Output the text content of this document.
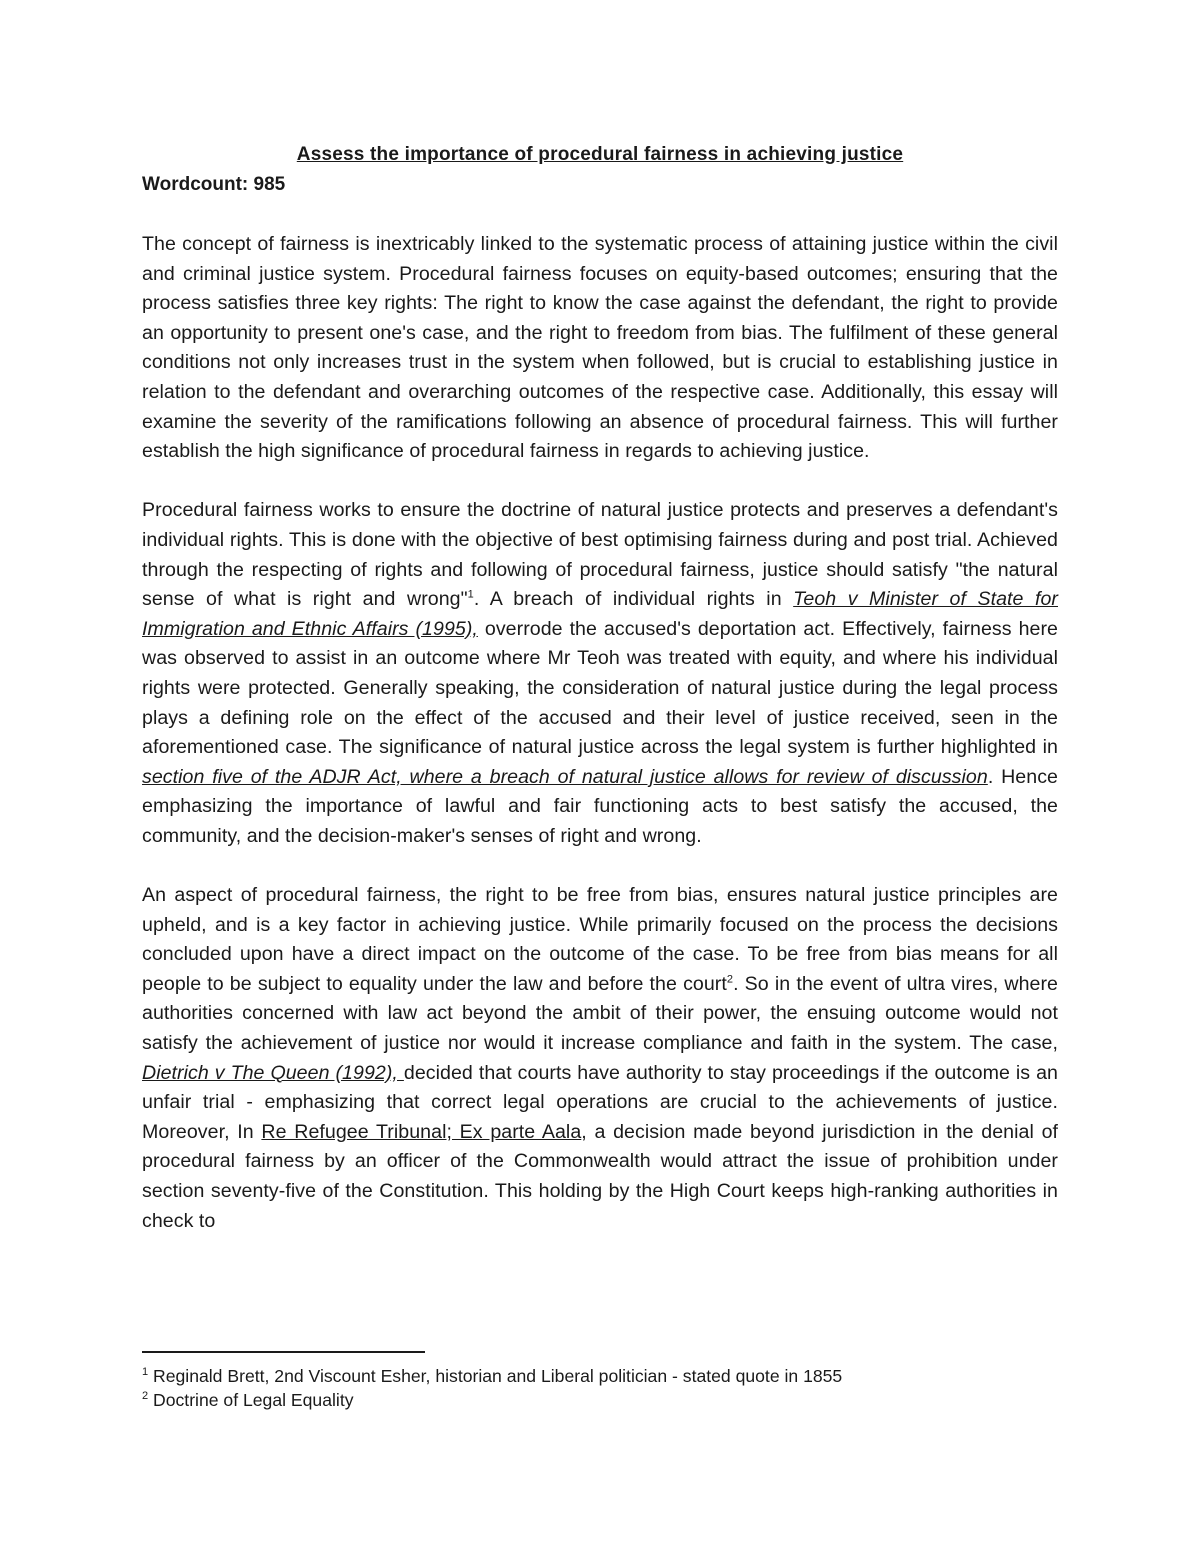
Assess the importance of procedural fairness in achieving justice
Wordcount: 985

The concept of fairness is inextricably linked to the systematic process of attaining justice within the civil and criminal justice system. Procedural fairness focuses on equity-based outcomes; ensuring that the process satisfies three key rights: The right to know the case against the defendant, the right to provide an opportunity to present one's case, and the right to freedom from bias. The fulfilment of these general conditions not only increases trust in the system when followed, but is crucial to establishing justice in relation to the defendant and overarching outcomes of the respective case. Additionally, this essay will examine the severity of the ramifications following an absence of procedural fairness. This will further establish the high significance of procedural fairness in regards to achieving justice.

Procedural fairness works to ensure the doctrine of natural justice protects and preserves a defendant's individual rights. This is done with the objective of best optimising fairness during and post trial. Achieved through the respecting of rights and following of procedural fairness, justice should satisfy "the natural sense of what is right and wrong"$^1$. A breach of individual rights in Teoh v Minister of State for Immigration and Ethnic Affairs (1995), overrode the accused's deportation act. Effectively, fairness here was observed to assist in an outcome where Mr Teoh was treated with equity, and where his individual rights were protected. Generally speaking, the consideration of natural justice during the legal process plays a defining role on the effect of the accused and their level of justice received, seen in the aforementioned case. The significance of natural justice across the legal system is further highlighted in section five of the ADJR Act, where a breach of natural justice allows for review of discussion. Hence emphasizing the importance of lawful and fair functioning acts to best satisfy the accused, the community, and the decision-maker's senses of right and wrong.

An aspect of procedural fairness, the right to be free from bias, ensures natural justice principles are upheld, and is a key factor in achieving justice. While primarily focused on the process the decisions concluded upon have a direct impact on the outcome of the case. To be free from bias means for all people to be subject to equality under the law and before the court$^2$. So in the event of ultra vires, where authorities concerned with law act beyond the ambit of their power, the ensuing outcome would not satisfy the achievement of justice nor would it increase compliance and faith in the system. The case, Dietrich v The Queen (1992), decided that courts have authority to stay proceedings if the outcome is an unfair trial - emphasizing that correct legal operations are crucial to the achievements of justice. Moreover, In Re Refugee Tribunal; Ex parte Aala, a decision made beyond jurisdiction in the denial of procedural fairness by an officer of the Commonwealth would attract the issue of prohibition under section seventy-five of the Constitution. This holding by the High Court keeps high-ranking authorities in check to

$^1$ Reginald Brett, 2nd Viscount Esher, historian and Liberal politician - stated quote in 1855

$^2$ Doctrine of Legal Equality
